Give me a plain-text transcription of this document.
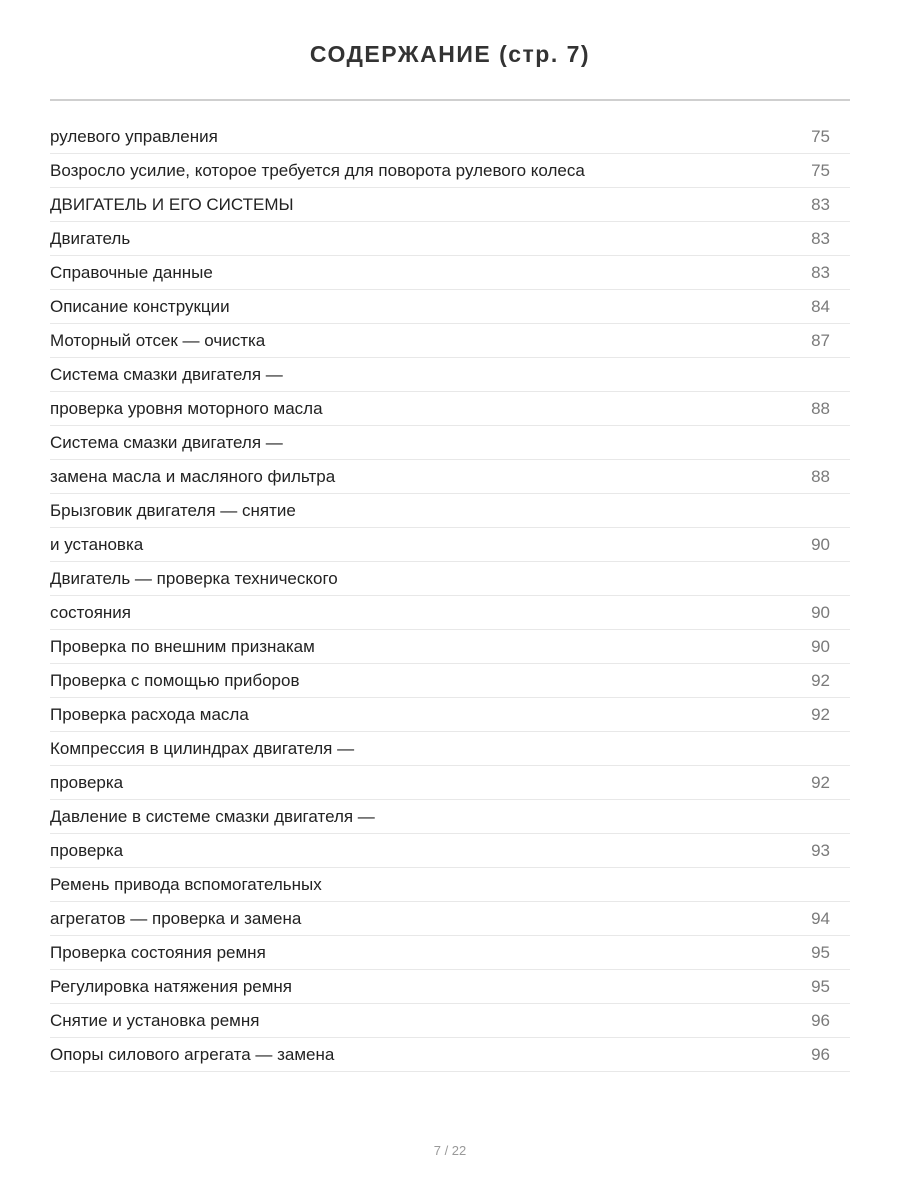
СОДЕРЖАНИЕ (стр. 7)
рулевого управления	75
Возросло усилие, которое требуется для поворота рулевого колеса	75
ДВИГАТЕЛЬ И ЕГО СИСТЕМЫ	83
Двигатель	83
Справочные данные	83
Описание конструкции	84
Моторный отсек — очистка	87
Система смазки двигателя —
проверка уровня моторного масла	88
Система смазки двигателя —
замена масла и масляного фильтра	88
Брызговик двигателя — снятие
и установка	90
Двигатель — проверка технического
состояния	90
Проверка по внешним признакам	90
Проверка с помощью приборов	92
Проверка расхода масла	92
Компрессия в цилиндрах двигателя —
проверка	92
Давление в системе смазки двигателя —
проверка	93
Ремень привода вспомогательных
агрегатов — проверка и замена	94
Проверка состояния ремня	95
Регулировка натяжения ремня	95
Снятие и установка ремня	96
Опоры силового агрегата — замена	96
7 / 22
